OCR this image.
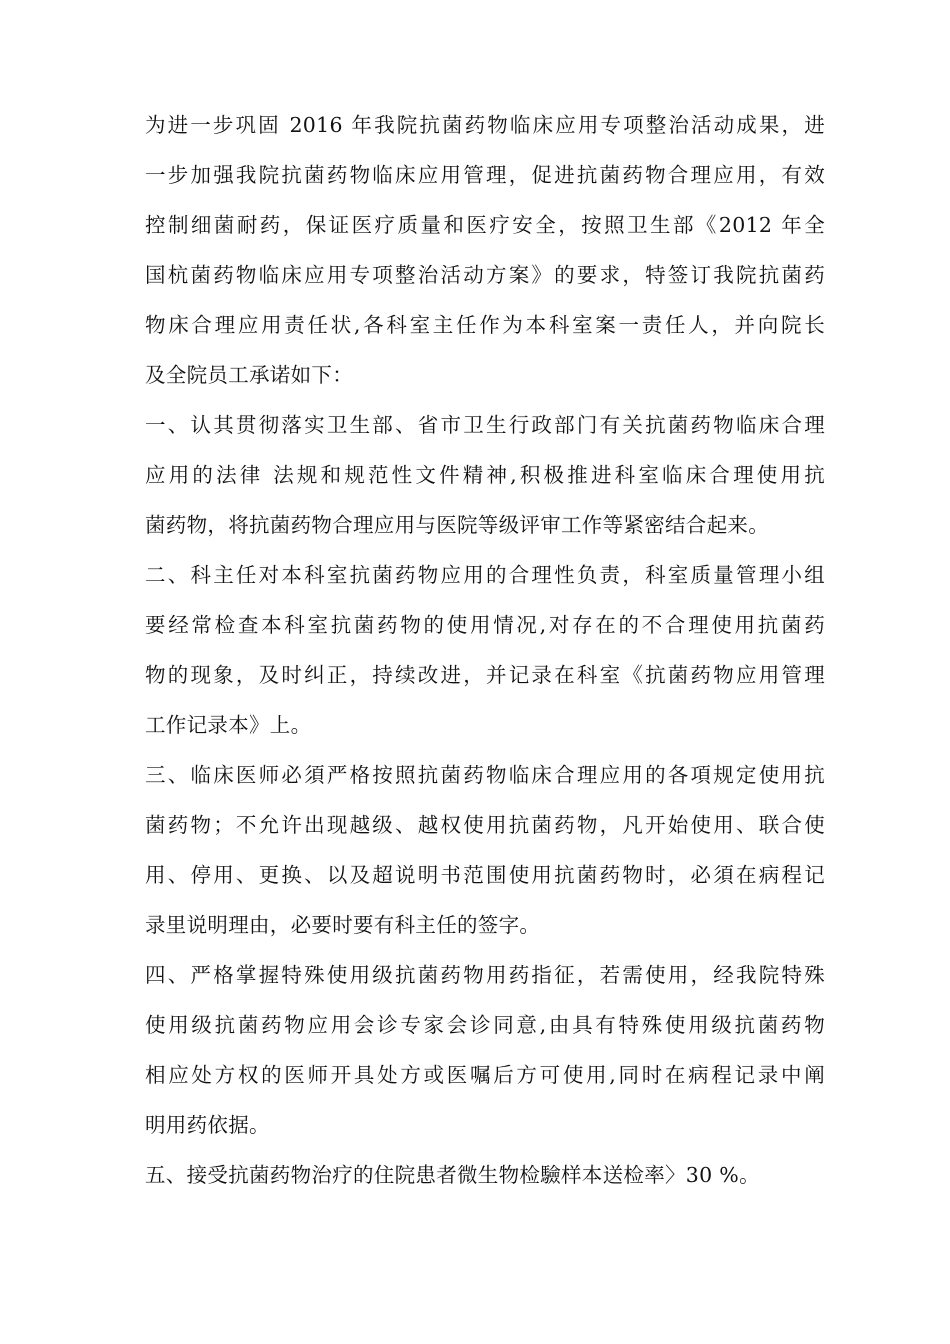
为进一步巩固 2016 年我院抗菌药物临床应用专项整治活动成果，进
一步加强我院抗菌药物临床应用管理，促进抗菌药物合理应用，有效
控制细菌耐药，保证医疗质量和医疗安全，按照卫生部《2012 年全
国杭菌药物临床应用专项整治活动方案》的要求，特签订我院抗菌药
物床合理应用责任状,各科室主任作为本科室案一责任人，并向院长
及全院员工承诺如下：

一、认其贯彻落实卫生部、省市卫生行政部门有关抗菌药物临床合理
应用的法律 法规和规范性文件精神,积极推进科室临床合理使用抗
菌药物，将抗菌药物合理应用与医院等级评审工作等紧密结合起来。

二、科主任对本科室抗菌药物应用的合理性负责，科室质量管理小组
要经常检查本科室抗菌药物的使用情况,对存在的不合理使用抗菌药
物的现象，及时纠正，持续改进，并记录在科室《抗菌药物应用管理
工作记录本》上。

三、临床医师必須严格按照抗菌药物临床合理应用的各項规定使用抗
菌药物；不允许出现越级、越权使用抗菌药物，凡开始使用、联合使
用、停用、更换、以及超说明书范围使用抗菌药物时，必須在病程记
录里说明理由，必要时要有科主任的签字。

四、严格掌握特殊使用级抗菌药物用药指征，若需使用，经我院特殊
使用级抗菌药物应用会诊专家会诊同意,由具有特殊使用级抗菌药物
相应处方权的医师开具处方或医嘱后方可使用,同时在病程记录中阐
明用药依据。

五、接受抗菌药物治疗的住院患者微生物检驗样本送检率〉30 %。
